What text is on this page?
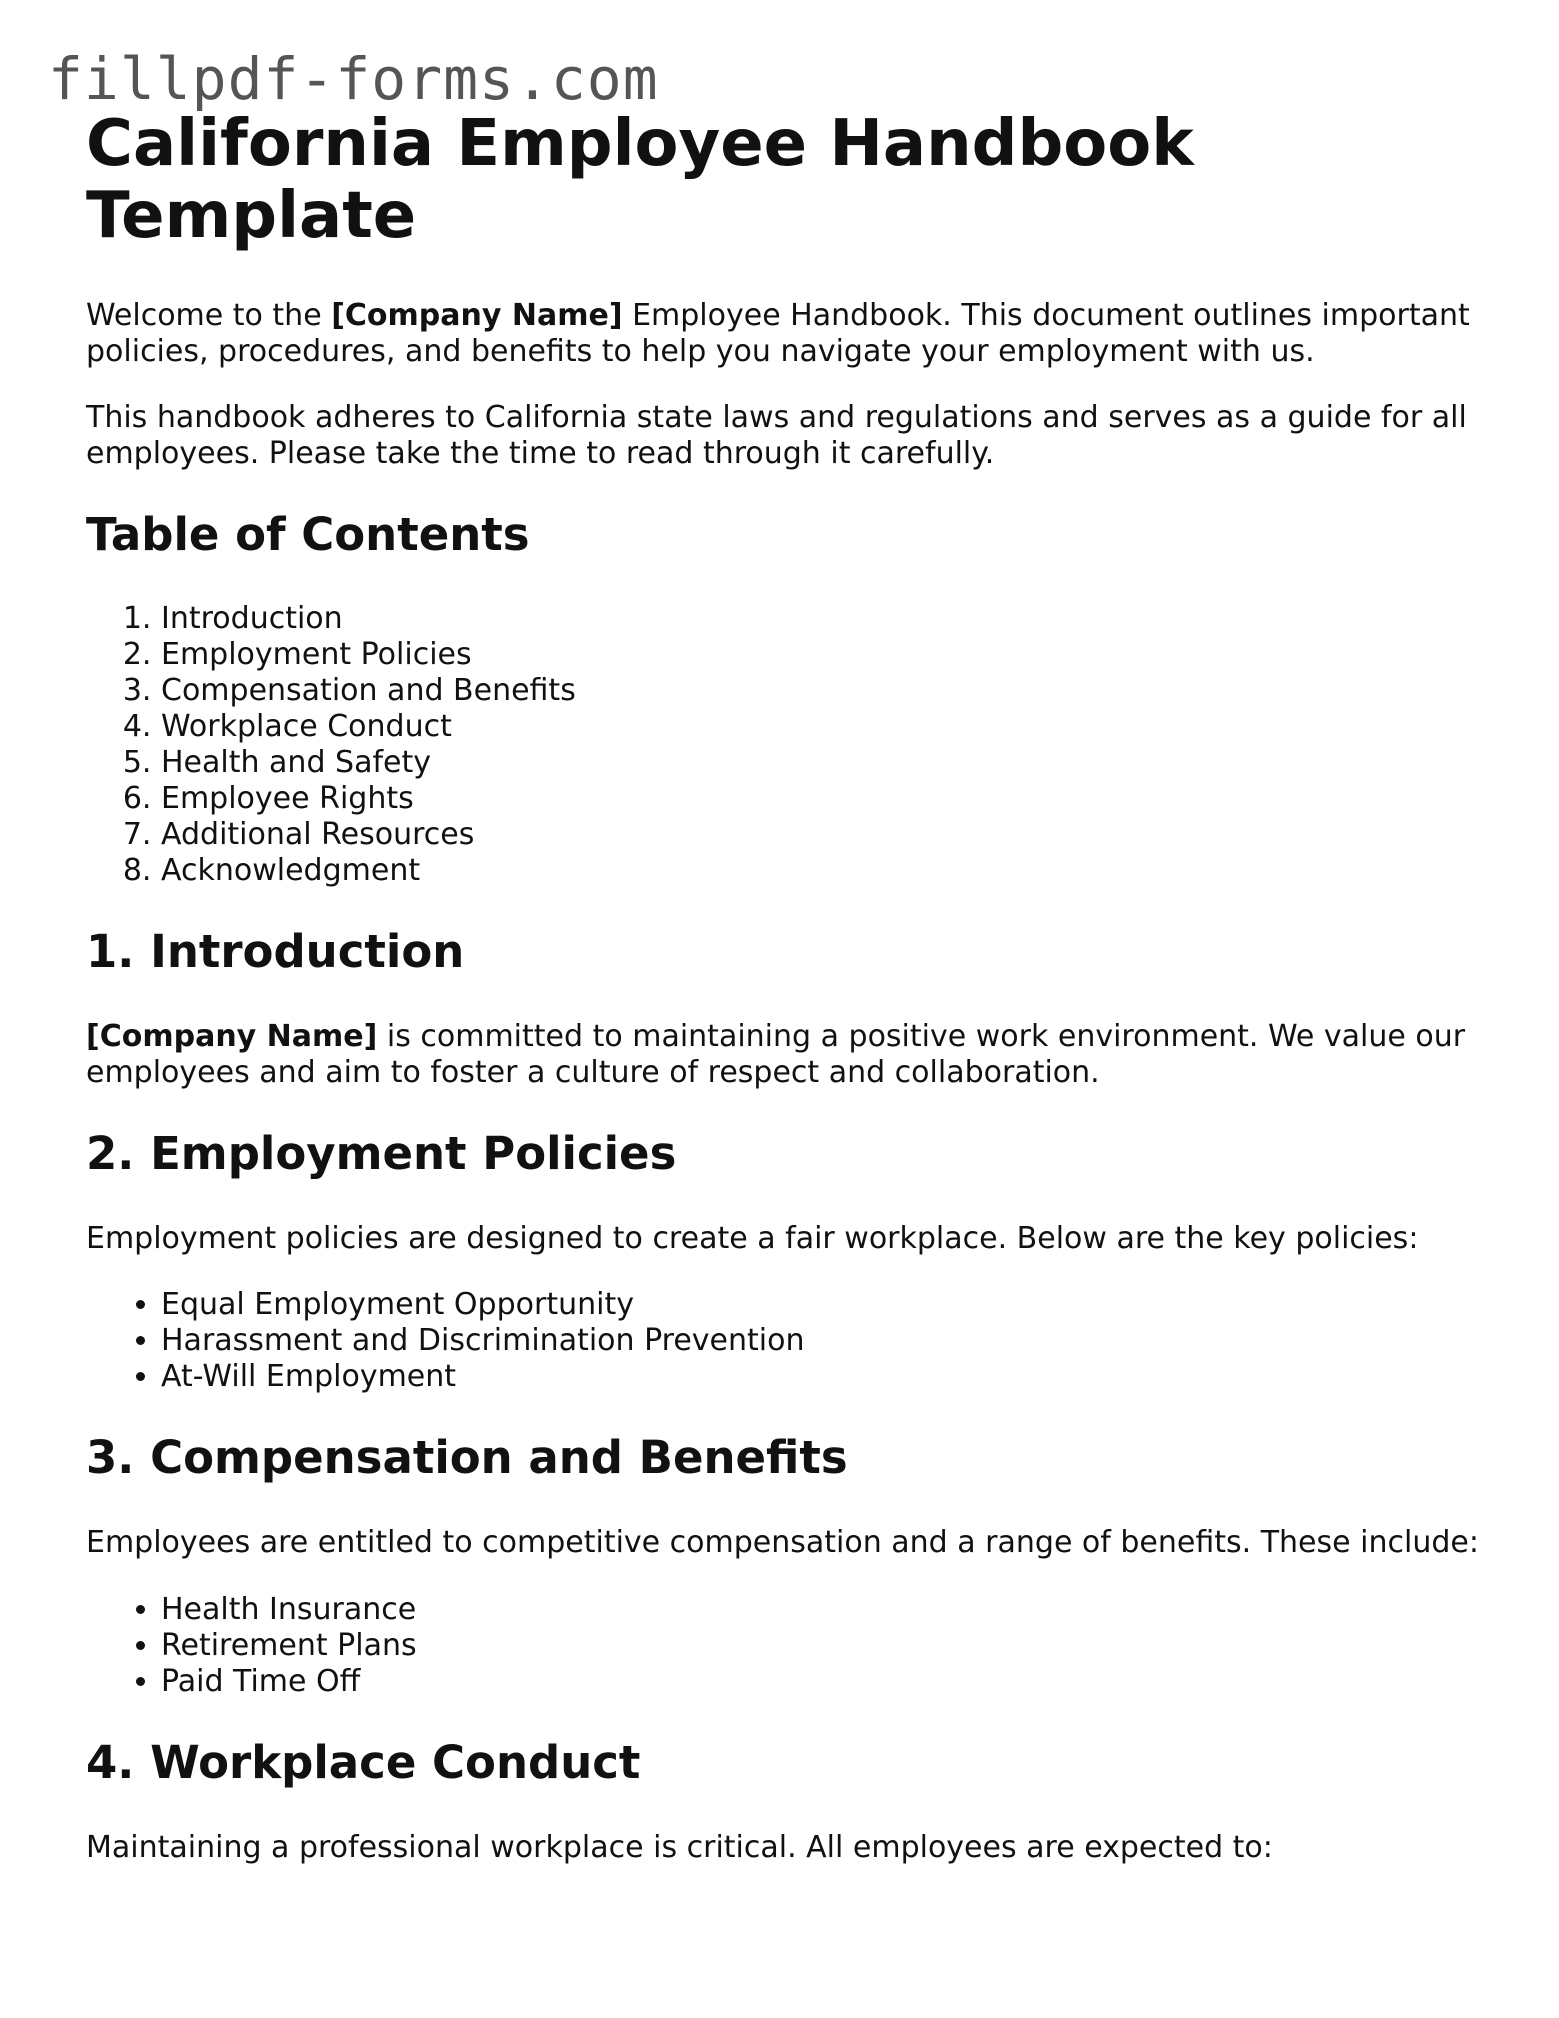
fillpdf-forms.com
California Employee Handbook Template

Welcome to the [Company Name] Employee Handbook. This document outlines important policies, procedures, and benefits to help you navigate your employment with us.

This handbook adheres to California state laws and regulations and serves as a guide for all employees. Please take the time to read through it carefully.

Table of Contents
1. Introduction
2. Employment Policies
3. Compensation and Benefits
4. Workplace Conduct
5. Health and Safety
6. Employee Rights
7. Additional Resources
8. Acknowledgment
1. Introduction

[Company Name] is committed to maintaining a positive work environment. We value our employees and aim to foster a culture of respect and collaboration.

2. Employment Policies

Employment policies are designed to create a fair workplace. Below are the key policies:

• Equal Employment Opportunity
• Harassment and Discrimination Prevention
• At-Will Employment
3. Compensation and Benefits

Employees are entitled to competitive compensation and a range of benefits. These include:

• Health Insurance
• Retirement Plans
• Paid Time Off
4. Workplace Conduct

Maintaining a professional workplace is critical. All employees are expected to:
